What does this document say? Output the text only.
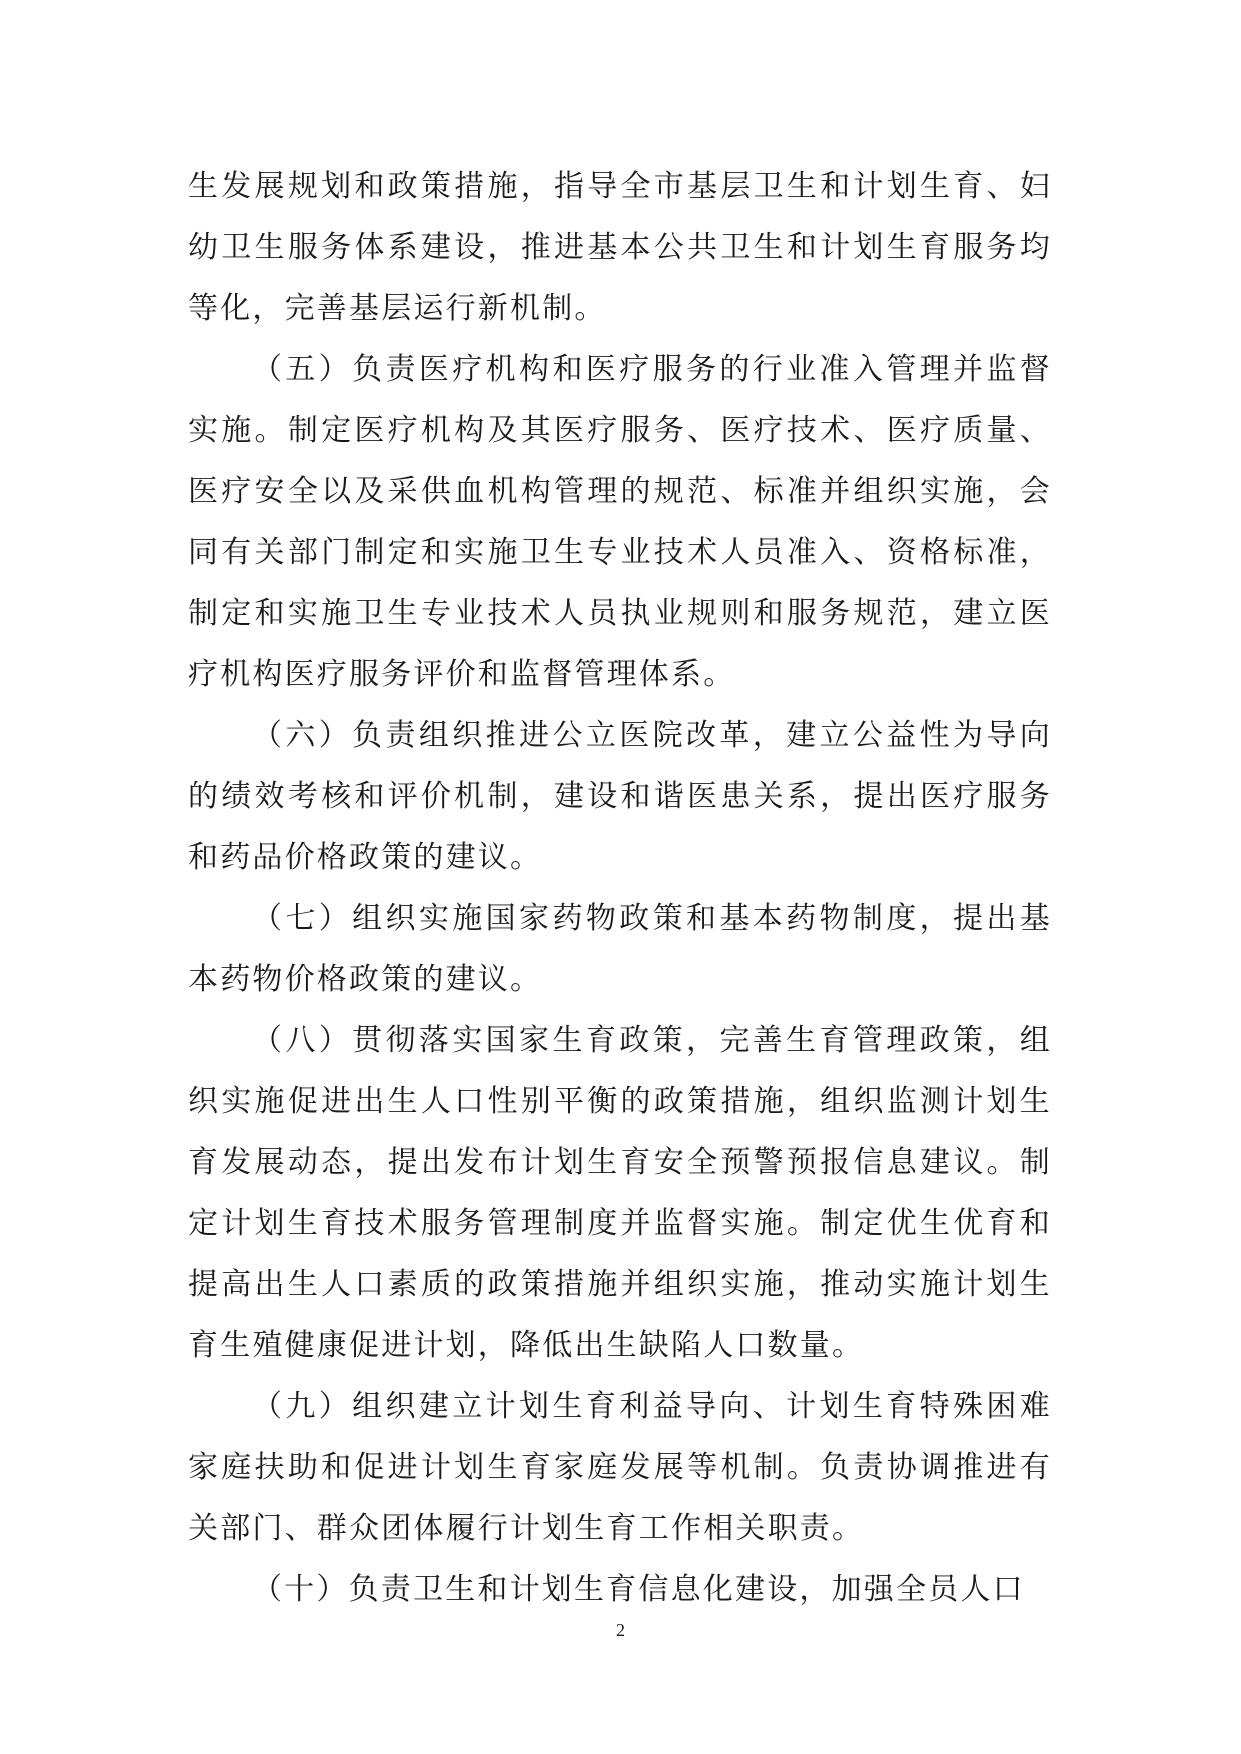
生发展规划和政策措施，指导全市基层卫生和计划生育、妇幼卫生服务体系建设，推进基本公共卫生和计划生育服务均等化，完善基层运行新机制。

（五）负责医疗机构和医疗服务的行业准入管理并监督实施。制定医疗机构及其医疗服务、医疗技术、医疗质量、医疗安全以及采供血机构管理的规范、标准并组织实施，会同有关部门制定和实施卫生专业技术人员准入、资格标准，制定和实施卫生专业技术人员执业规则和服务规范，建立医疗机构医疗服务评价和监督管理体系。

（六）负责组织推进公立医院改革，建立公益性为导向的绩效考核和评价机制，建设和谐医患关系，提出医疗服务和药品价格政策的建议。

（七）组织实施国家药物政策和基本药物制度，提出基本药物价格政策的建议。

（八）贯彻落实国家生育政策，完善生育管理政策，组织实施促进出生人口性别平衡的政策措施，组织监测计划生育发展动态，提出发布计划生育安全预警预报信息建议。制定计划生育技术服务管理制度并监督实施。制定优生优育和提高出生人口素质的政策措施并组织实施，推动实施计划生育生殖健康促进计划，降低出生缺陷人口数量。

（九）组织建立计划生育利益导向、计划生育特殊困难家庭扶助和促进计划生育家庭发展等机制。负责协调推进有关部门、群众团体履行计划生育工作相关职责。

（十）负责卫生和计划生育信息化建设，加强全员人口

2
